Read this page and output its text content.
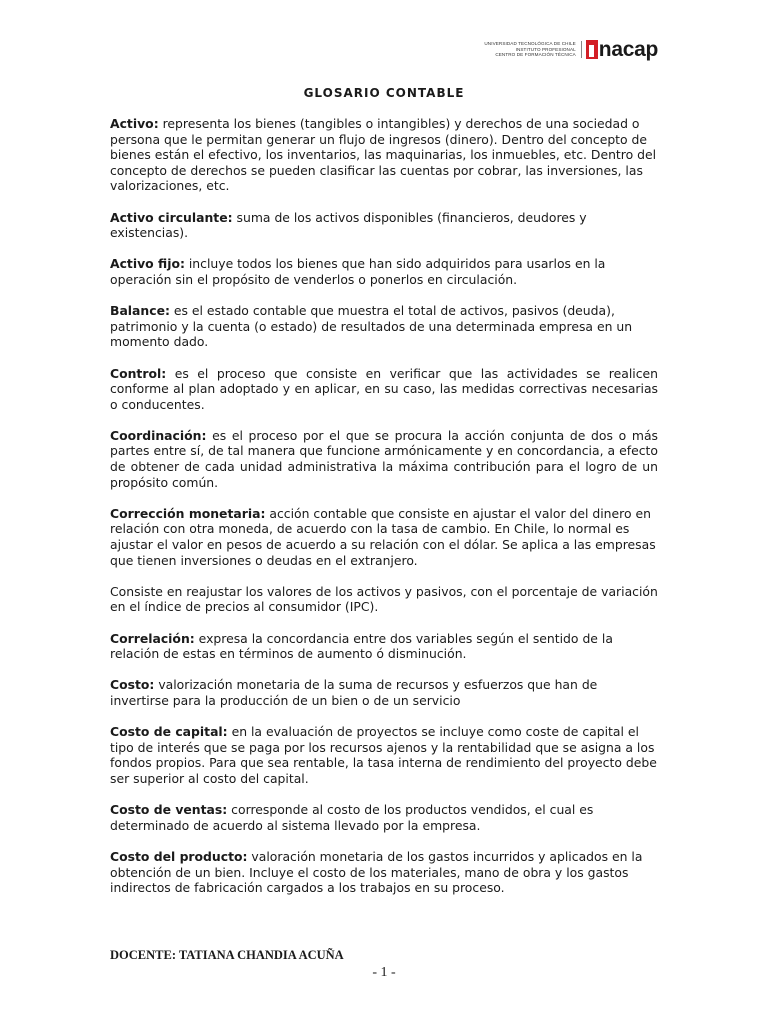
UNIVERSIDAD TECNOLÓGICA DE CHILE
INSTITUTO PROFESIONAL
CENTRO DE FORMACIÓN TÉCNICA nacap
GLOSARIO CONTABLE

Activo: representa los bienes (tangibles o intangibles) y derechos de una sociedad o persona que le permitan generar un flujo de ingresos (dinero). Dentro del concepto de bienes están el efectivo, los inventarios, las maquinarias, los inmuebles, etc. Dentro del concepto de derechos se pueden clasificar las cuentas por cobrar, las inversiones, las valorizaciones, etc.

Activo circulante: suma de los activos disponibles (financieros, deudores y existencias).

Activo fijo: incluye todos los bienes que han sido adquiridos para usarlos en la operación sin el propósito de venderlos o ponerlos en circulación.

Balance: es el estado contable que muestra el total de activos, pasivos (deuda), patrimonio y la cuenta (o estado) de resultados de una determinada empresa en un momento dado.

Control: es el proceso que consiste en verificar que las actividades se realicen conforme al plan adoptado y en aplicar, en su caso, las medidas correctivas necesarias o conducentes.

Coordinación: es el proceso por el que se procura la acción conjunta de dos o más partes entre sí, de tal manera que funcione armónicamente y en concordancia, a efecto de obtener de cada unidad administrativa la máxima contribución para el logro de un propósito común.

Corrección monetaria: acción contable que consiste en ajustar el valor del dinero en relación con otra moneda, de acuerdo con la tasa de cambio. En Chile, lo normal es ajustar el valor en pesos de acuerdo a su relación con el dólar. Se aplica a las empresas que tienen inversiones o deudas en el extranjero.

Consiste en reajustar los valores de los activos y pasivos, con el porcentaje de variación en el índice de precios al consumidor (IPC).

Correlación: expresa la concordancia entre dos variables según el sentido de la relación de estas en términos de aumento ó disminución.

Costo: valorización monetaria de la suma de recursos y esfuerzos que han de invertirse para la producción de un bien o de un servicio

Costo de capital: en la evaluación de proyectos se incluye como coste de capital el tipo de interés que se paga por los recursos ajenos y la rentabilidad que se asigna a los fondos propios. Para que sea rentable, la tasa interna de rendimiento del proyecto debe ser superior al costo del capital.

Costo de ventas: corresponde al costo de los productos vendidos, el cual es determinado de acuerdo al sistema llevado por la empresa.

Costo del producto: valoración monetaria de los gastos incurridos y aplicados en la obtención de un bien. Incluye el costo de los materiales, mano de obra y los gastos indirectos de fabricación cargados a los trabajos en su proceso.

DOCENTE: TATIANA CHANDIA ACUÑA
- 1 -
